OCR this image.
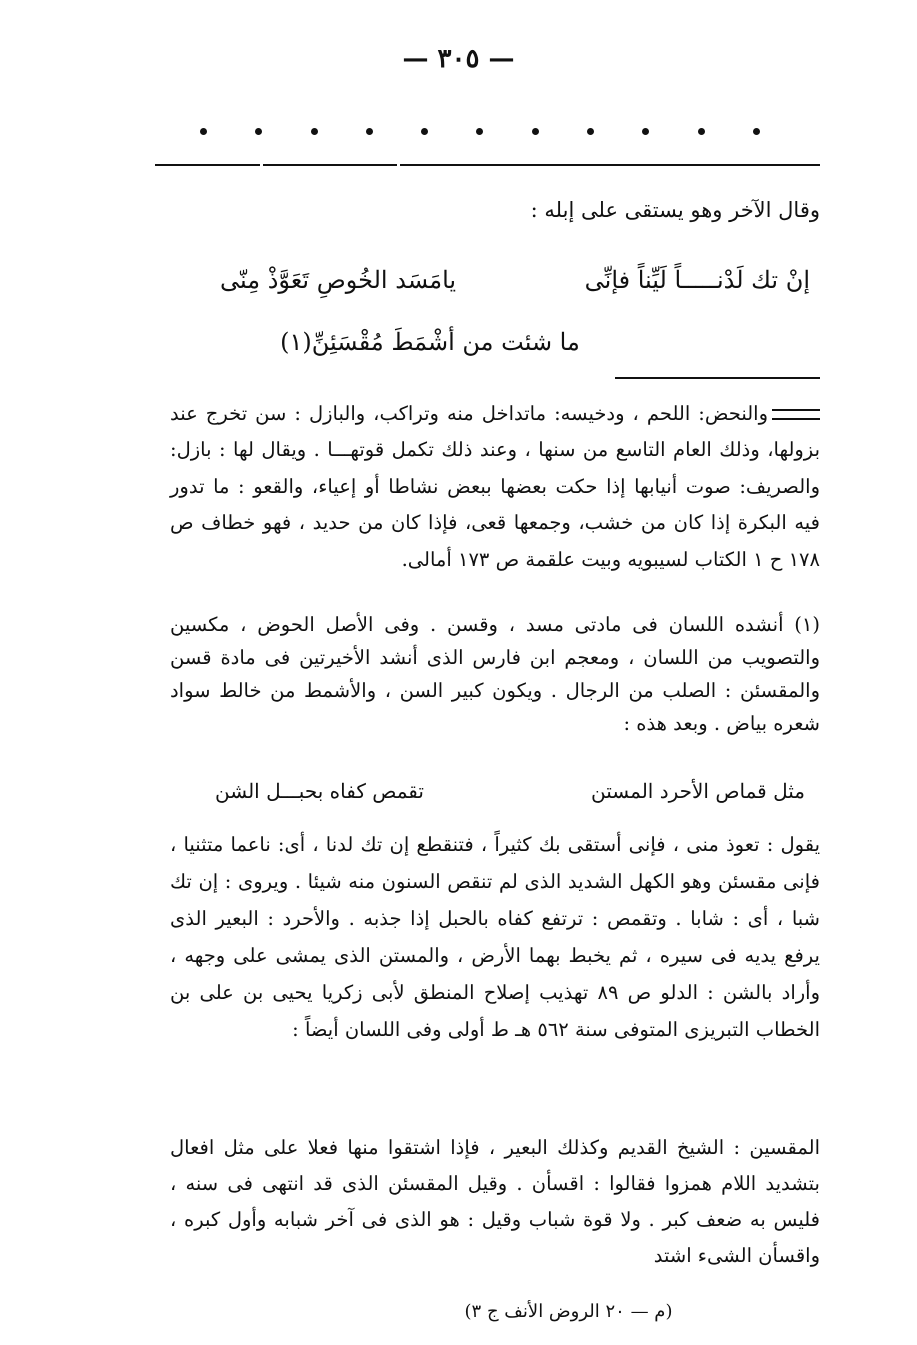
— ٣٠٥ —

وقال الآخر وهو يستقى على إبله :

يامَسَد الخُوصِ تَعَوَّذْ مِنّى	إنْ تك لَدْنـــــاً لَيِّناً فإنِّى
ما شئت من أشْمَطَ مُقْسَئِنِّ(١)

والنحض: اللحم ، ودخيسه: ماتداخل منه وتراكب، والبازل : سن تخرج عند بزولها، وذلك العام التاسع من سنها ، وعند ذلك تكمل قوتهـــا . ويقال لها : بازل: والصريف: صوت أنيابها إذا حكت بعضها ببعض نشاطا أو إعياء، والقعو : ما تدور فيه البكرة إذا كان من خشب، وجمعها قعى، فإذا كان من حديد ، فهو خطاف ص ١٧٨ ح ١ الكتاب لسيبويه وبيت علقمة ص ١٧٣ أمالى.

(١) أنشده اللسان فى مادتى مسد ، وقسن . وفى الأصل الحوض ، مكسين والتصويب من اللسان ، ومعجم ابن فارس الذى أنشد الأخيرتين فى مادة قسن والمقسئن : الصلب من الرجال . ويكون كبير السن ، والأشمط من خالط سواد شعره بياض . وبعد هذه :

تقمص كفاه بحبـــل الشن	مثل قماص الأحرد المستن

يقول : تعوذ منى ، فإنى أستقى بك كثيراً ، فتنقطع إن تك لدنا ، أى: ناعما متثنيا ، فإنى مقسئن وهو الكهل الشديد الذى لم تنقص السنون منه شيئا . ويروى : إن تك شبا ، أى : شابا . وتقمص : ترتفع كفاه بالحبل إذا جذبه . والأحرد : البعير الذى يرفع يديه فى سيره ، ثم يخبط بهما الأرض ، والمستن الذى يمشى على وجهه ، وأراد بالشن : الدلو ص ٨٩ تهذيب إصلاح المنطق لأبى زكريا يحيى بن على بن الخطاب التبريزى المتوفى سنة ٥٦٢ هـ ط أولى وفى اللسان أيضاً :

المقسين : الشيخ القديم وكذلك البعير ، فإذا اشتقوا منها فعلا على مثل افعال بتشديد اللام همزوا فقالوا : اقسأن . وقيل المقسئن الذى قد انتهى فى سنه ، فليس به ضعف كبر . ولا قوة شباب وقيل : هو الذى فى آخر شبابه وأول كبره ، واقسأن الشىء اشتد

(م — ٢٠ الروض الأنف ج ٣)
